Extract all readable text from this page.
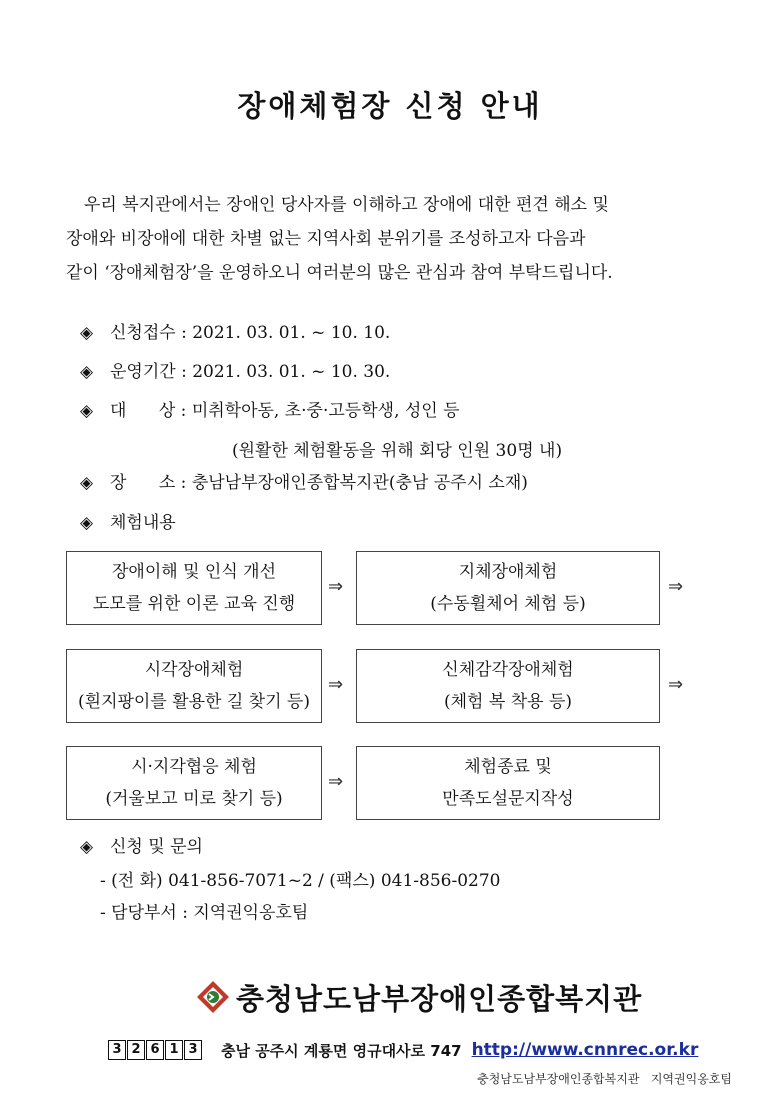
장애체험장 신청 안내

우리 복지관에서는 장애인 당사자를 이해하고 장애에 대한 편견 해소 및

장애와 비장애에 대한 차별 없는 지역사회 분위기를 조성하고자 다음과

같이 ‘장애체험장’을 운영하오니 여러분의 많은 관심과 참여 부탁드립니다.

◈ 신청접수 : 2021. 03. 01. ~ 10. 10.
◈ 운영기간 : 2021. 03. 01. ~ 10. 30.
◈ 대      상 : 미취학아동, 초·중·고등학생, 성인 등
(원활한 체험활동을 위해 회당 인원 30명 내)
◈ 장      소 : 충남남부장애인종합복지관(충남 공주시 소재)
◈ 체험내용
장애이해 및 인식 개선
도모를 위한 이론 교육 진행
⇒
지체장애체험
(수동휠체어 체험 등)
⇒
시각장애체험
(흰지팡이를 활용한 길 찾기 등)
⇒
신체감각장애체험
(체험 복 착용 등)
⇒
시·지각협응 체험
(거울보고 미로 찾기 등)
⇒
체험종료 및
만족도설문지작성
◈ 신청 및 문의
- (전 화) 041-856-7071~2 / (팩스) 041-856-0270
- 담당부서 : 지역권익옹호팀
충청남도남부장애인종합복지관
3 2 6 1 3 충남 공주시 계룡면 영규대사로 747 http://www.cnnrec.or.kr
충청남도남부장애인종합복지관   지역권익옹호팀
